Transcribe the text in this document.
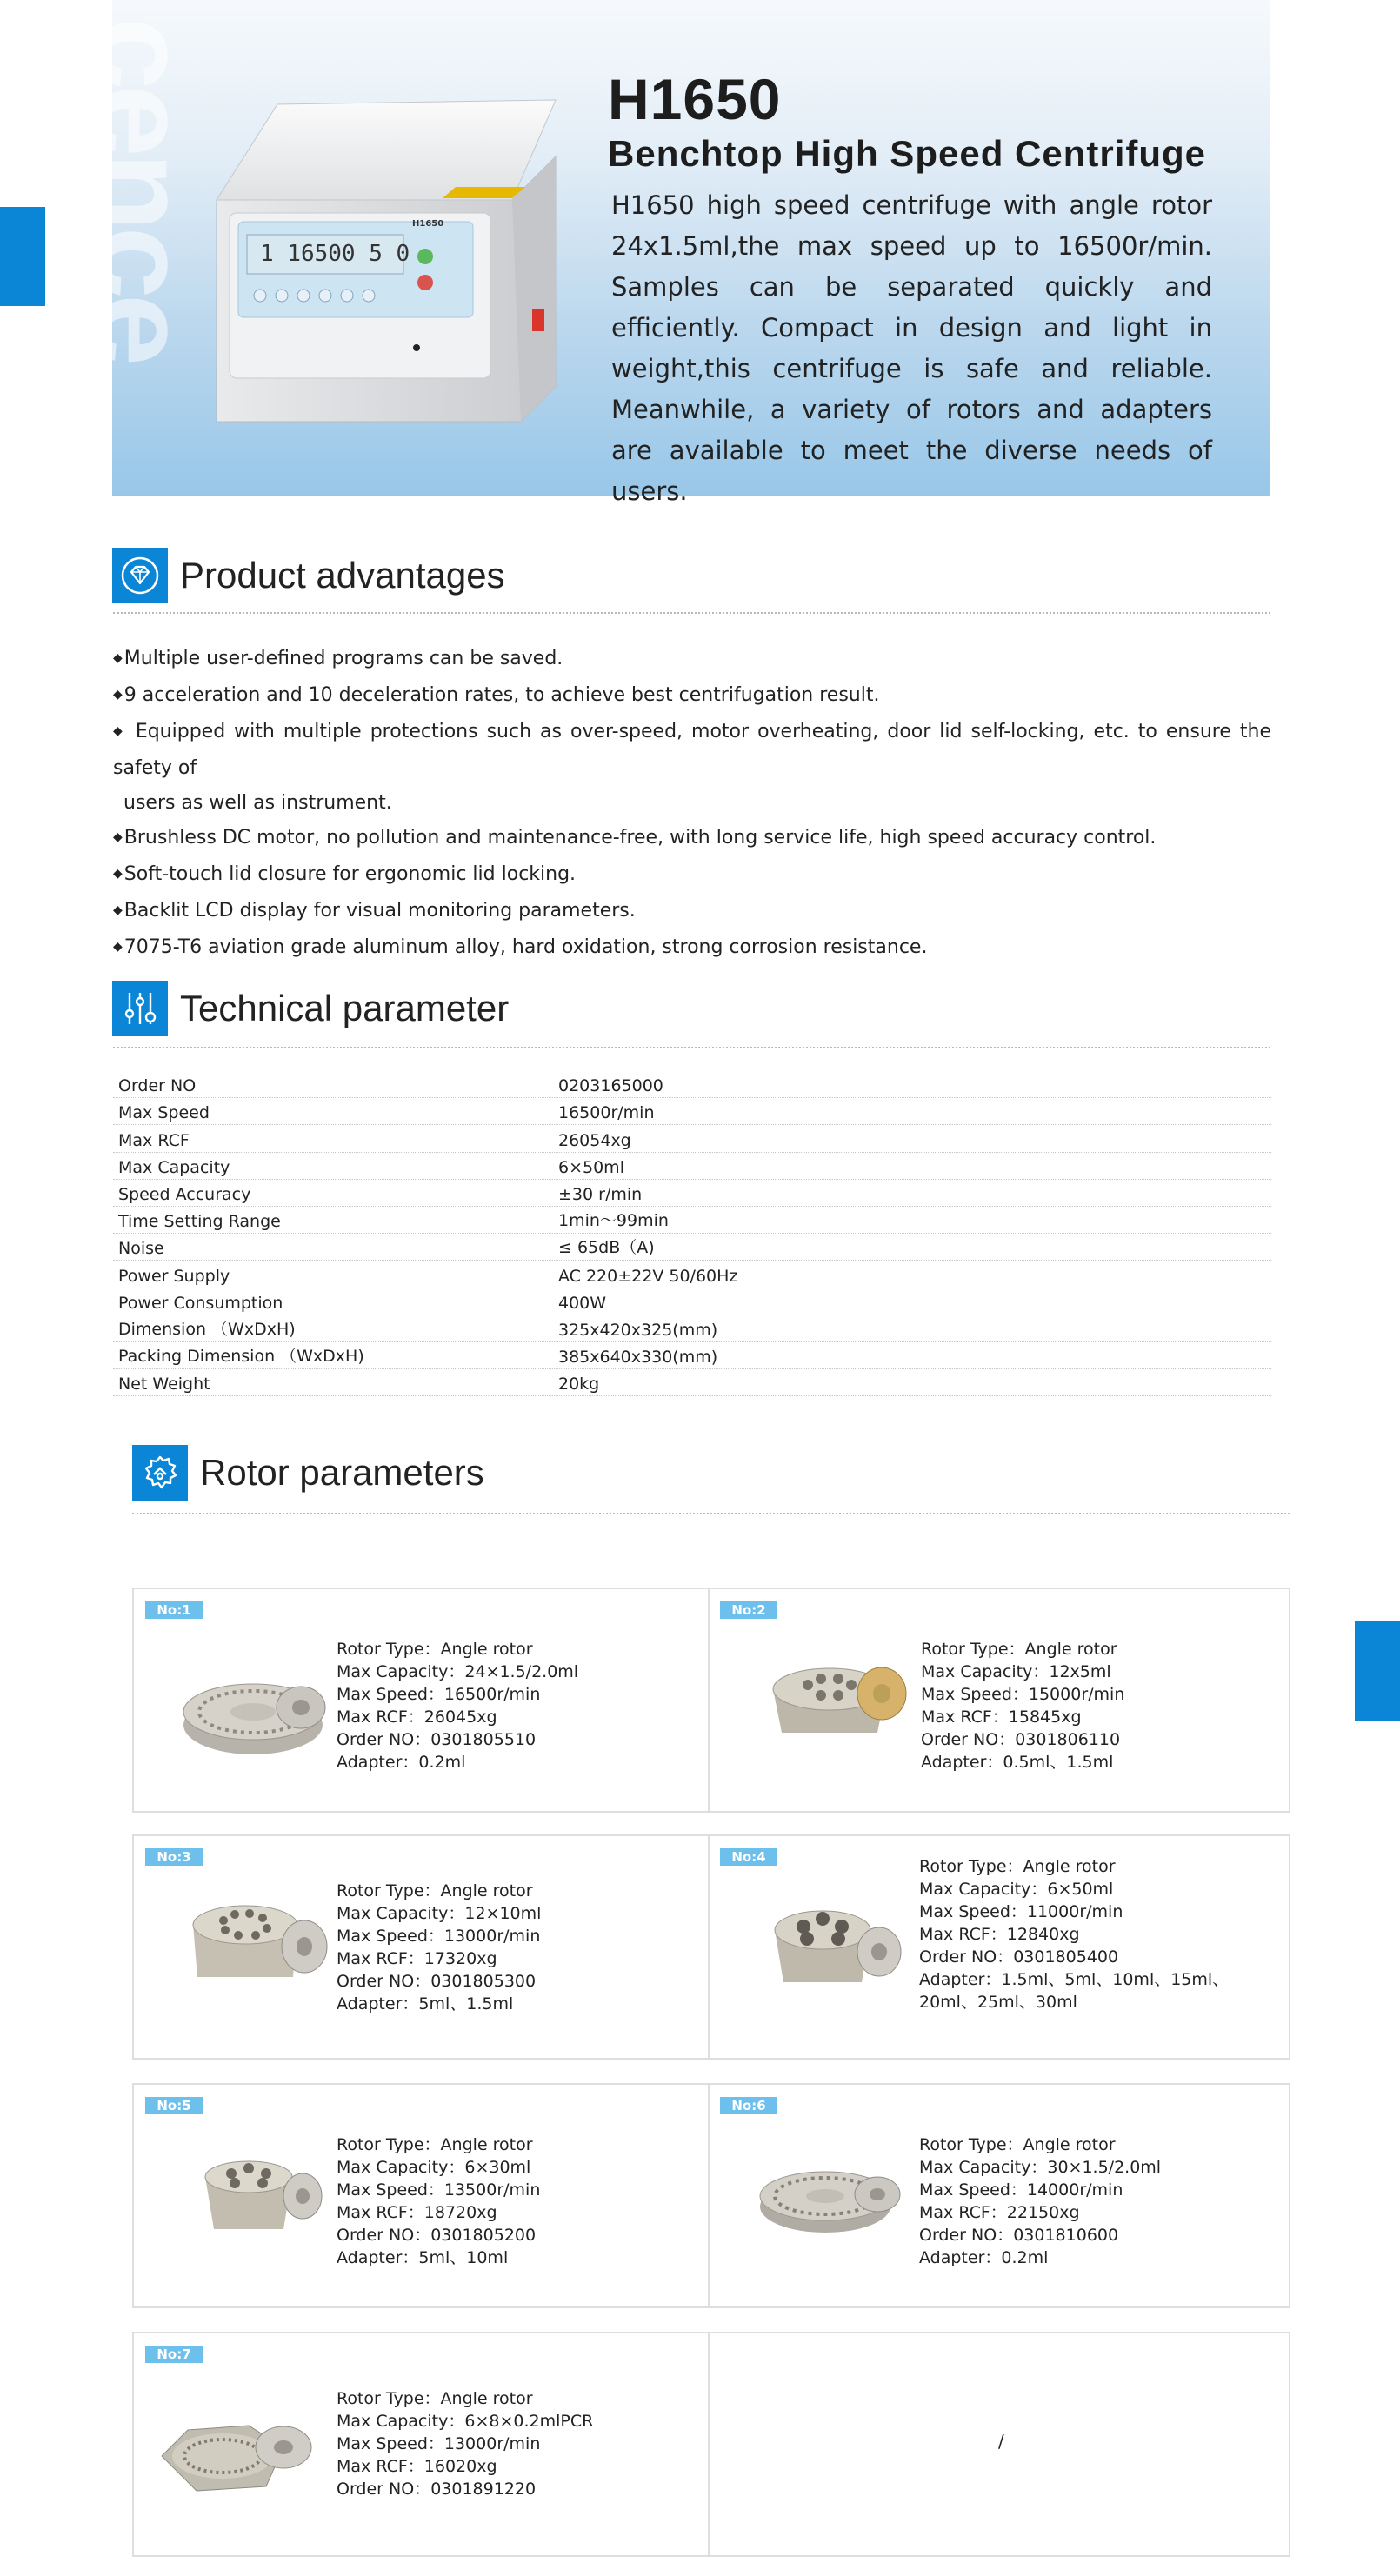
cence 1 16500 5 0
H1650
H1650
Benchtop High Speed Centrifuge

H1650 high speed centrifuge with angle rotor 24x1.5ml,the max speed up to 16500r/min. Samples can be separated quickly and efficiently. Compact in design and light in weight,this centrifuge is safe and reliable. Meanwhile, a variety of rotors and adapters are available to meet the diverse needs of users.

Product advantages
◆Multiple user-defined programs can be saved.
◆9 acceleration and 10 deceleration rates, to achieve best centrifugation result.
◆ Equipped with multiple protections such as over-speed, motor overheating, door lid self-locking, etc. to ensure the safety of
users as well as instrument.
◆Brushless DC motor, no pollution and maintenance-free, with long service life, high speed accuracy control.
◆Soft-touch lid closure for ergonomic lid locking.
◆Backlit LCD display for visual monitoring parameters.
◆7075-T6 aviation grade aluminum alloy, hard oxidation, strong corrosion resistance.
Technical parameter
Order NO	0203165000
Max Speed	16500r/min
Max RCF	26054xg
Max Capacity	6×50ml
Speed Accuracy	±30 r/min
Time Setting Range	1min～99min
Noise	≤ 65dB（A)
Power Supply	AC 220±22V 50/60Hz
Power Consumption	400W
Dimension （WxDxH)	325x420x325(mm)
Packing Dimension （WxDxH)	385x640x330(mm)
Net Weight	20kg
Rotor parameters
No:1
Rotor Type：Angle rotor
Max Capacity：24×1.5/2.0ml
Max Speed：16500r/min
Max RCF：26045xg
Order NO：0301805510
Adapter：0.2ml
No:2
Rotor Type：Angle rotor
Max Capacity：12x5ml
Max Speed：15000r/min
Max RCF：15845xg
Order NO：0301806110
Adapter：0.5ml、1.5ml
No:3
Rotor Type：Angle rotor
Max Capacity：12×10ml
Max Speed：13000r/min
Max RCF：17320xg
Order NO：0301805300
Adapter：5ml、1.5ml
No:4	Rotor Type：Angle rotor
Max Capacity：6×50ml
Max Speed：11000r/min
Max RCF：12840xg
Order NO：0301805400
Adapter：1.5ml、5ml、10ml、15ml、
20ml、25ml、30ml
No:5
Rotor Type：Angle rotor
Max Capacity：6×30ml
Max Speed：13500r/min
Max RCF：18720xg
Order NO：0301805200
Adapter：5ml、10ml
No:6
Rotor Type：Angle rotor
Max Capacity：30×1.5/2.0ml
Max Speed：14000r/min
Max RCF：22150xg
Order NO：0301810600
Adapter：0.2ml
No:7
Rotor Type：Angle rotor
Max Capacity：6×8×0.2mlPCR
Max Speed：13000r/min
Max RCF：16020xg
Order NO：0301891220
/
